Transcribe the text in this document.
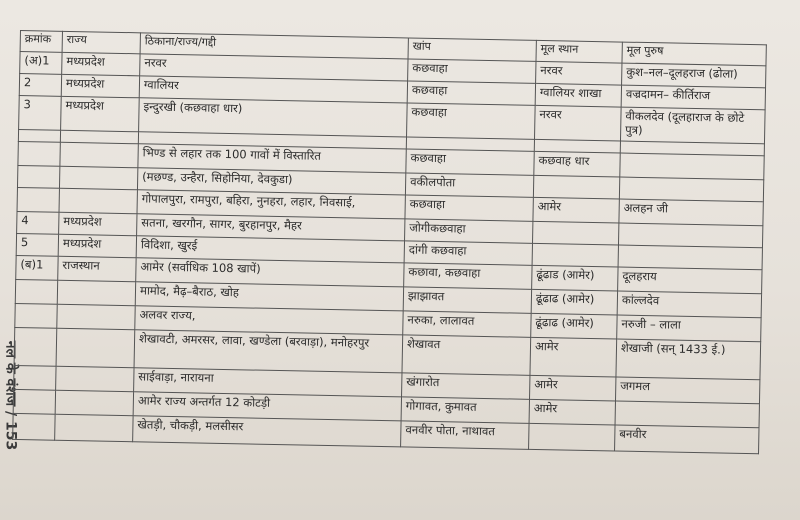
नल के वंशज / 153
क्रमांक	राज्य	ठिकाना/राज्य/गद्दी	खांप	मूल स्थान	मूल पुरुष
(अ)1	मध्यप्रदेश	नरवर	कछवाहा	नरवर	कुश–नल–दूलहराज (ढोला)
2	मध्यप्रदेश	ग्वालियर	कछवाहा	ग्वालियर शाखा	वज्रदामन– कीर्तिराज
3	मध्यप्रदेश	इन्दुरखी (कछवाहा धार)	कछवाहा	नरवर	वीकलदेव (दूलहाराज के छोटे पुत्र)

		भिण्ड से लहार तक 100 गावों में विस्तारित	कछवाहा	कछवाह धार	
		(मछण्ड, उन्हैरा, सिहोनिया, देवकुडा)	वकीलपोता		
		गोपालपुरा, रामपुरा, बहिरा, नुनहरा, लहार, निवसाई,	कछवाहा	आमेर	अलहन जी
4	मध्यप्रदेश	सतना, खरगौन, सागर, बुरहानपुर, मैहर	जोगीकछवाहा		
5	मध्यप्रदेश	विदिशा, खुरई	दांगी कछवाहा		
(ब)1	राजस्थान	आमेर (सर्वाधिक 108 खापें)	कछावा, कछवाहा	ढूंढाड (आमेर)	दूलहराय
		मामोद, मैढ़–बैराठ, खोह	झाझावत	ढूंढाढ (आमेर)	कांल्लदेव
		अलवर राज्य,	नरुका, लालावत	ढूंढाढ (आमेर)	नरुजी – लाला
		शेखावटी, अमरसर, लावा, खण्डेला (बरवाड़ा), मनोहरपुर	शेखावत	आमेर	शेखाजी (सन् 1433 ई.)
		साईवाड़ा, नारायना	खंगारोत	आमेर	जगमल
		आमेर राज्य अन्तर्गत 12 कोटड़ी	गोगावत, कुमावत	आमेर	
		खेतड़ी, चौकड़ी, मलसीसर	वनवीर पोता, नाथावत		बनवीर
